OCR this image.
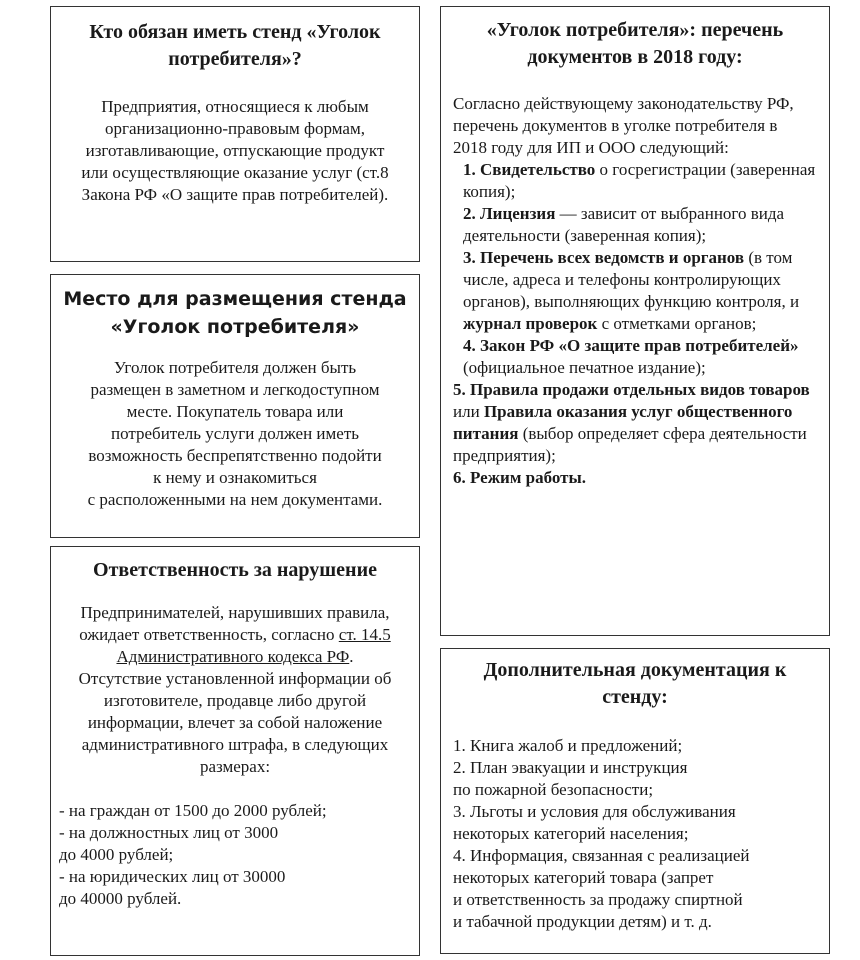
Кто обязан иметь стенд «Уголок потребителя»?

Предприятия, относящиеся к любым организационно-правовым формам, изготавливающие, отпускающие продукт или осуществляющие оказание услуг (ст.8 Закона РФ «О защите прав потребителей).

Место для размещения стенда «Уголок потребителя»
Уголок потребителя должен быть
размещен в заметном и легкодоступном
месте. Покупатель товара или
потребитель услуги должен иметь
возможность беспрепятственно подойти
к нему и ознакомиться
с расположенными на нем документами.
Ответственность за нарушение

Предпринимателей, нарушивших правила, ожидает ответственность, согласно ст. 14.5 Административного кодекса РФ.

Отсутствие установленной информации об изготовителе, продавце либо другой информации, влечет за собой наложение административного штрафа, в следующих размерах:

- на граждан от 1500 до 2000 рублей;
- на должностных лиц от 3000
до 4000 рублей;
- на юридических лиц от 30000
до 40000 рублей.
«Уголок потребителя»: перечень документов в 2018 году:

Согласно действующему законодательству РФ, перечень документов в уголке потребителя в 2018 году для ИП и ООО следующий:

1. Свидетельство о госрегистрации (заверенная копия);
2. Лицензия — зависит от выбранного вида деятельности (заверенная копия);
3. Перечень всех ведомств и органов (в том числе, адреса и телефоны контролирующих органов), выполняющих функцию контроля, и журнал проверок с отметками органов;
4. Закон РФ «О защите прав потребителей» (официальное печатное издание);
5. Правила продажи отдельных видов товаров или Правила оказания услуг общественного питания (выбор определяет сфера деятельности предприятия);
6. Режим работы.
Дополнительная документация к стенду:
1. Книга жалоб и предложений;
2. План эвакуации и инструкция
по пожарной безопасности;
3. Льготы и условия для обслуживания
некоторых категорий населения;
4. Информация, связанная с реализацией
некоторых категорий товара (запрет
и ответственность за продажу спиртной
и табачной продукции детям) и т. д.
